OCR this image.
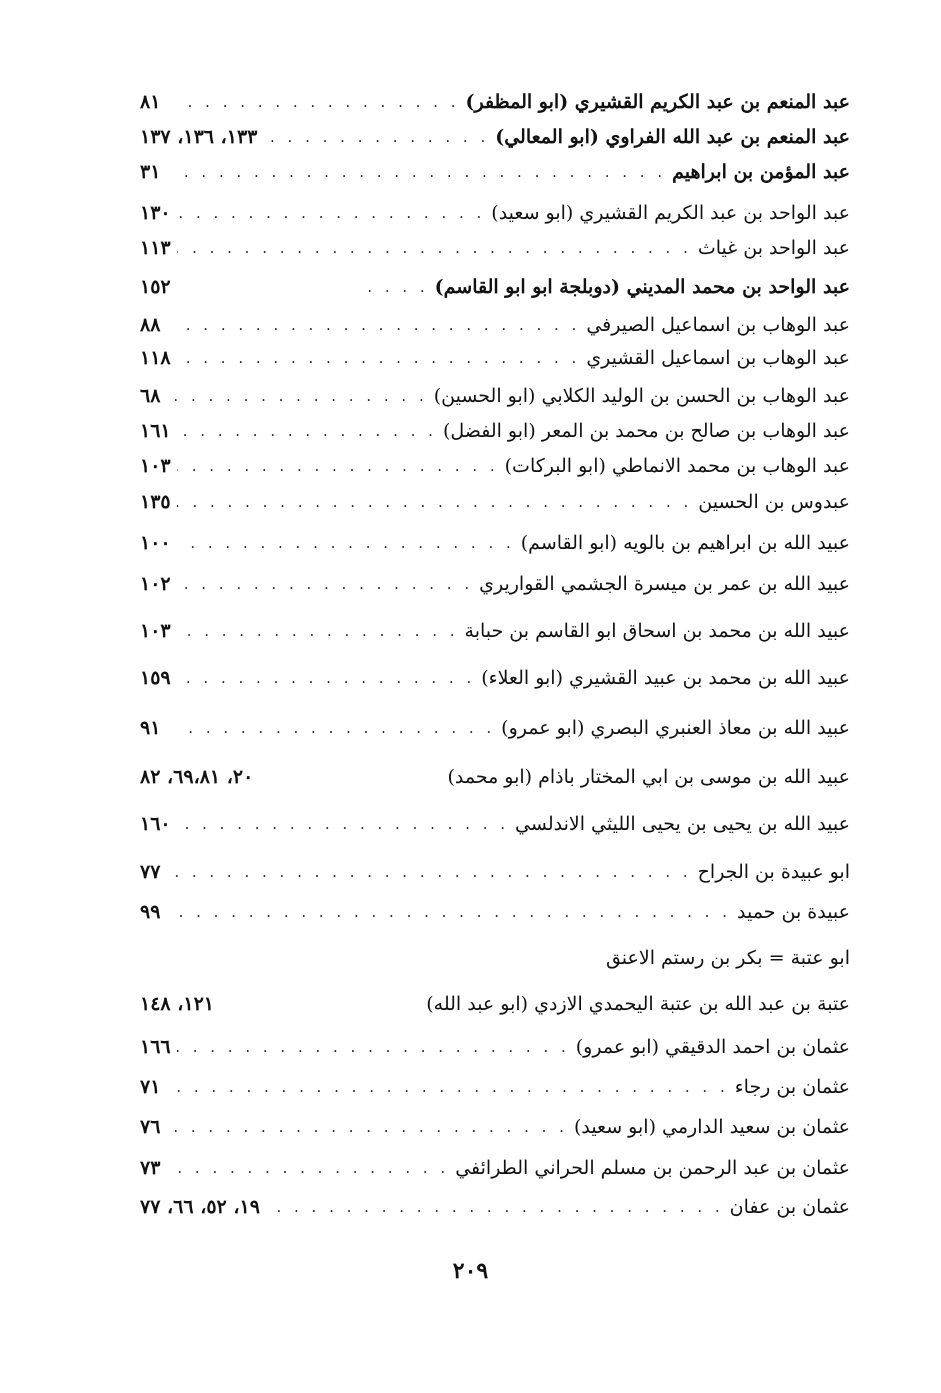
عبد المنعم بن عبد الكريم القشيري (ابو المظفر)
. . .
٨١
عبد المنعم بن عبد الله الفراوي (ابو المعالي)
. . .
١٣٣، ١٣٦، ١٣٧
عبد المؤمن بن ابراهيم
. . .
٣١
عبد الواحد بن عبد الكريم القشيري (ابو سعيد)
. . .
١٣٠
عبد الواحد بن غياث
. . .
١١٣
عبد الواحد بن محمد المديني (دوبلجة ابو ابو القاسم)
. . .
١٥٢
عبد الوهاب بن اسماعيل الصيرفي
. . .
٨٨
عبد الوهاب بن اسماعيل القشيري
. . .
١١٨
عبد الوهاب بن الحسن بن الوليد الكلابي (ابو الحسين)
. . .
٦٨
عبد الوهاب بن صالح بن محمد بن المعر (ابو الفضل)
. . .
١٦١
عبد الوهاب بن محمد الانماطي (ابو البركات)
. . .
١٠٣
عبدوس بن الحسين
. . .
١٣٥
عبيد الله بن ابراهيم بن بالويه (ابو القاسم)
. . .
١٠٠
عبيد الله بن عمر بن ميسرة الجشمي القواريري
. . .
١٠٢
عبيد الله بن محمد بن اسحاق ابو القاسم بن حبابة
. . .
١٠٣
عبيد الله بن محمد بن عبيد القشيري (ابو العلاء)
. . .
١٥٩
عبيد الله بن معاذ العنبري البصري (ابو عمرو)
. . .
٩١
عبيد الله بن موسى بن ابي المختار باذام (ابو محمد)
٢٠، ٦٩،٨١، ٨٢
عبيد الله بن يحيى بن يحيى الليثي الاندلسي
. . .
١٦٠
ابو عبيدة بن الجراح
. . .
٧٧
عبيدة بن حميد
. . .
٩٩
ابو عتبة = بكر بن رستم الاعنق
عتبة بن عبد الله بن عتبة اليحمدي الازدي (ابو عبد الله)
١٢١، ١٤٨
عثمان بن احمد الدقيقي (ابو عمرو)
. . .
١٦٦
عثمان بن رجاء
. . .
٧١
عثمان بن سعيد الدارمي (ابو سعيد)
. . .
٧٦
عثمان بن عبد الرحمن بن مسلم الحراني الطرائفي
. . .
٧٣
عثمان بن عفان
. . .
١٩، ٥٢، ٦٦، ٧٧
٢٠٩
